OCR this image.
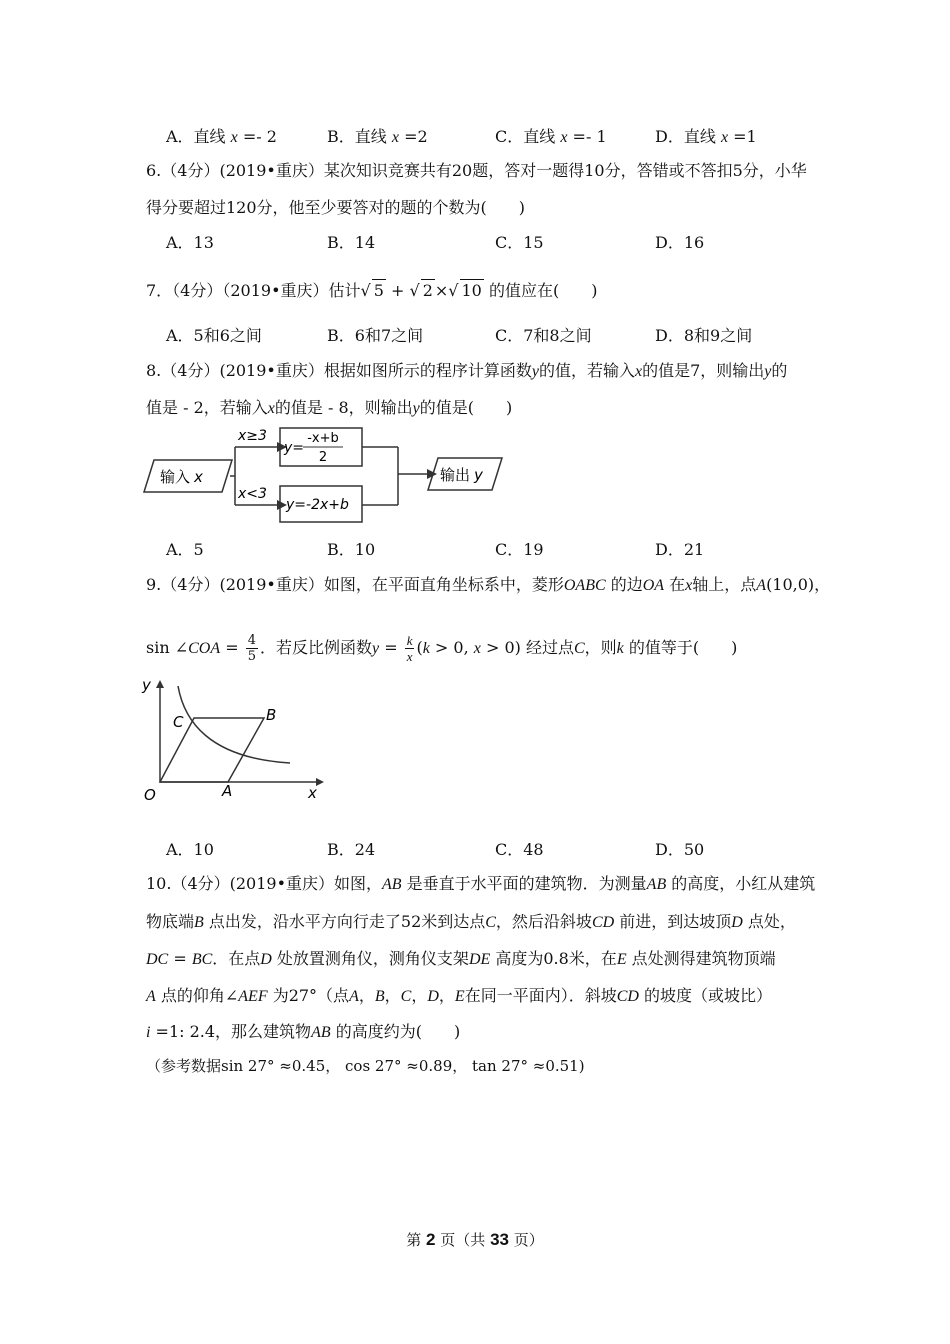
A．直线 x =- 2	B．直线 x =2	C．直线 x =- 1	D．直线 x =1
6.（4分）(2019•重庆）某次知识竞赛共有20题，答对一题得10分，答错或不答扣5分，小华
得分要超过120分，他至少要答对的题的个数为(　　)
A．13	B．14	C．15	D．16
7．（4分）（2019•重庆）估计√ 5 + √ 2 ×√ 10 的值应在(　　)
A．5和6之间	B．6和7之间	C．7和8之间	D．8和9之间
8.（4分）(2019•重庆）根据如图所示的程序计算函数y的值，若输入x的值是7，则输出y的
值是 - 2，若输入x的值是 - 8，则输出y的值是(　　)
输入 x
x≥3
x<3
y=
-x+b
2
y=-2x+b
输出 y
A．5	B．10	C．19	D．21
9.（4分）(2019•重庆）如图，在平面直角坐标系中，菱形OABC 的边OA 在x轴上，点A(10,0)，
sin ∠COA = $\frac{4}{5}$ ．若反比例函数$y = \frac{k}{x} (k > 0$, x > 0) 经过点C，则k 的值等于(　　)
y
x
O	A
B
C
A．10	B．24	C．48	D．50
10.（4分）(2019•重庆）如图，AB 是垂直于水平面的建筑物．为测量AB 的高度，小红从建筑
物底端B 点出发，沿水平方向行走了52米到达点C，然后沿斜坡CD 前进，到达坡顶D 点处，
DC = BC．在点D 处放置测角仪，测角仪支架DE 高度为0.8米，在E 点处测得建筑物顶端
A 点的仰角∠AEF 为27°（点A，B，C，D，E在同一平面内）．斜坡CD 的坡度（或坡比）
i =1: 2.4，那么建筑物AB 的高度约为(　　)
（参考数据sin 27° ≈0.45， cos 27° ≈0.89， tan 27° ≈0.51)
第 2 页（共 33 页）
